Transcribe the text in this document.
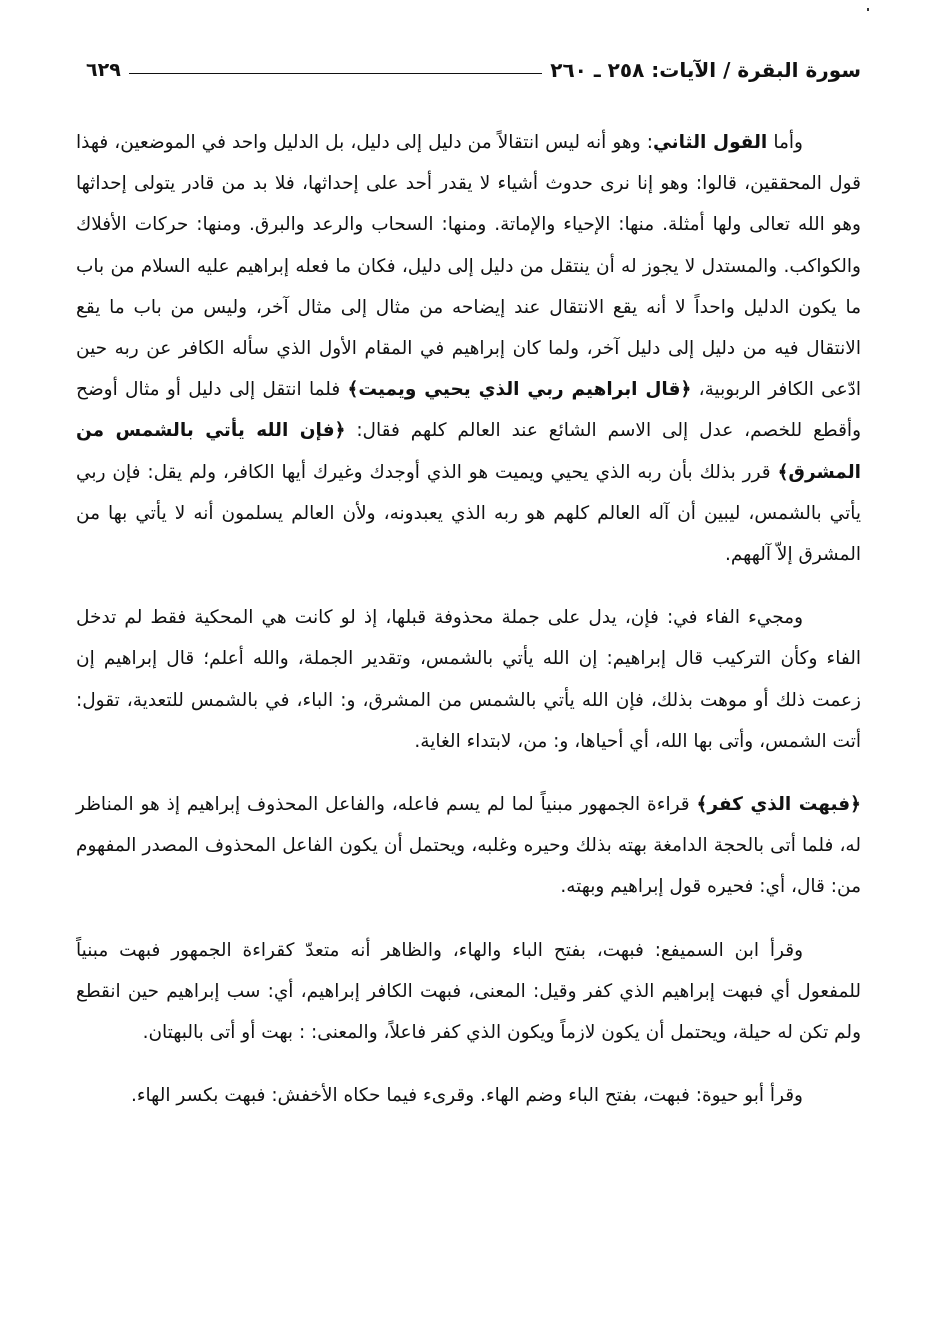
سورة البقرة / الآيات: ٢٥٨ ـ ٢٦٠
٦٢٩

وأما القول الثاني: وهو أنه ليس انتقالاً من دليل إلى دليل، بل الدليل واحد في الموضعين، فهذا قول المحققين، قالوا: وهو إنا نرى حدوث أشياء لا يقدر أحد على إحداثها، فلا بد من قادر يتولى إحداثها وهو الله تعالى ولها أمثلة. منها: الإحياء والإماتة. ومنها: السحاب والرعد والبرق. ومنها: حركات الأفلاك والكواكب. والمستدل لا يجوز له أن ينتقل من دليل إلى دليل، فكان ما فعله إبراهيم عليه السلام من باب ما يكون الدليل واحداً لا أنه يقع الانتقال عند إيضاحه من مثال إلى مثال آخر، وليس من باب ما يقع الانتقال فيه من دليل إلى دليل آخر، ولما كان إبراهيم في المقام الأول الذي سأله الكافر عن ربه حين ادّعى الكافر الربوبية، ﴿قال ابراهيم ربي الذي يحيي ويميت﴾ فلما انتقل إلى دليل أو مثال أوضح وأقطع للخصم، عدل إلى الاسم الشائع عند العالم كلهم فقال: ﴿فإن الله يأتي بالشمس من المشرق﴾ قرر بذلك بأن ربه الذي يحيي ويميت هو الذي أوجدك وغيرك أيها الكافر، ولم يقل: فإن ربي يأتي بالشمس، ليبين أن آله العالم كلهم هو ربه الذي يعبدونه، ولأن العالم يسلمون أنه لا يأتي بها من المشرق إلاّ آلههم.

ومجيء الفاء في: فإن، يدل على جملة محذوفة قبلها، إذ لو كانت هي المحكية فقط لم تدخل الفاء وكأن التركيب قال إبراهيم: إن الله يأتي بالشمس، وتقدير الجملة، والله أعلم؛ قال إبراهيم إن زعمت ذلك أو موهت بذلك، فإن الله يأتي بالشمس من المشرق، و: الباء، في بالشمس للتعدية، تقول: أتت الشمس، وأتى بها الله، أي أحياها، و: من، لابتداء الغاية.

﴿فبهت الذي كفر﴾ قراءة الجمهور مبنياً لما لم يسم فاعله، والفاعل المحذوف إبراهيم إذ هو المناظر له، فلما أتى بالحجة الدامغة بهته بذلك وحيره وغلبه، ويحتمل أن يكون الفاعل المحذوف المصدر المفهوم من: قال، أي: فحيره قول إبراهيم وبهته.

وقرأ ابن السميفع: فبهت، بفتح الباء والهاء، والظاهر أنه متعدّ كقراءة الجمهور فبهت مبنياً للمفعول أي فبهت إبراهيم الذي كفر وقيل: المعنى، فبهت الكافر إبراهيم، أي: سب إبراهيم حين انقطع ولم تكن له حيلة، ويحتمل أن يكون لازماً ويكون الذي كفر فاعلاً، والمعنى: : بهت أو أتى بالبهتان.

وقرأ أبو حيوة: فبهت، بفتح الباء وضم الهاء. وقرىء فيما حكاه الأخفش: فبهت بكسر الهاء.
